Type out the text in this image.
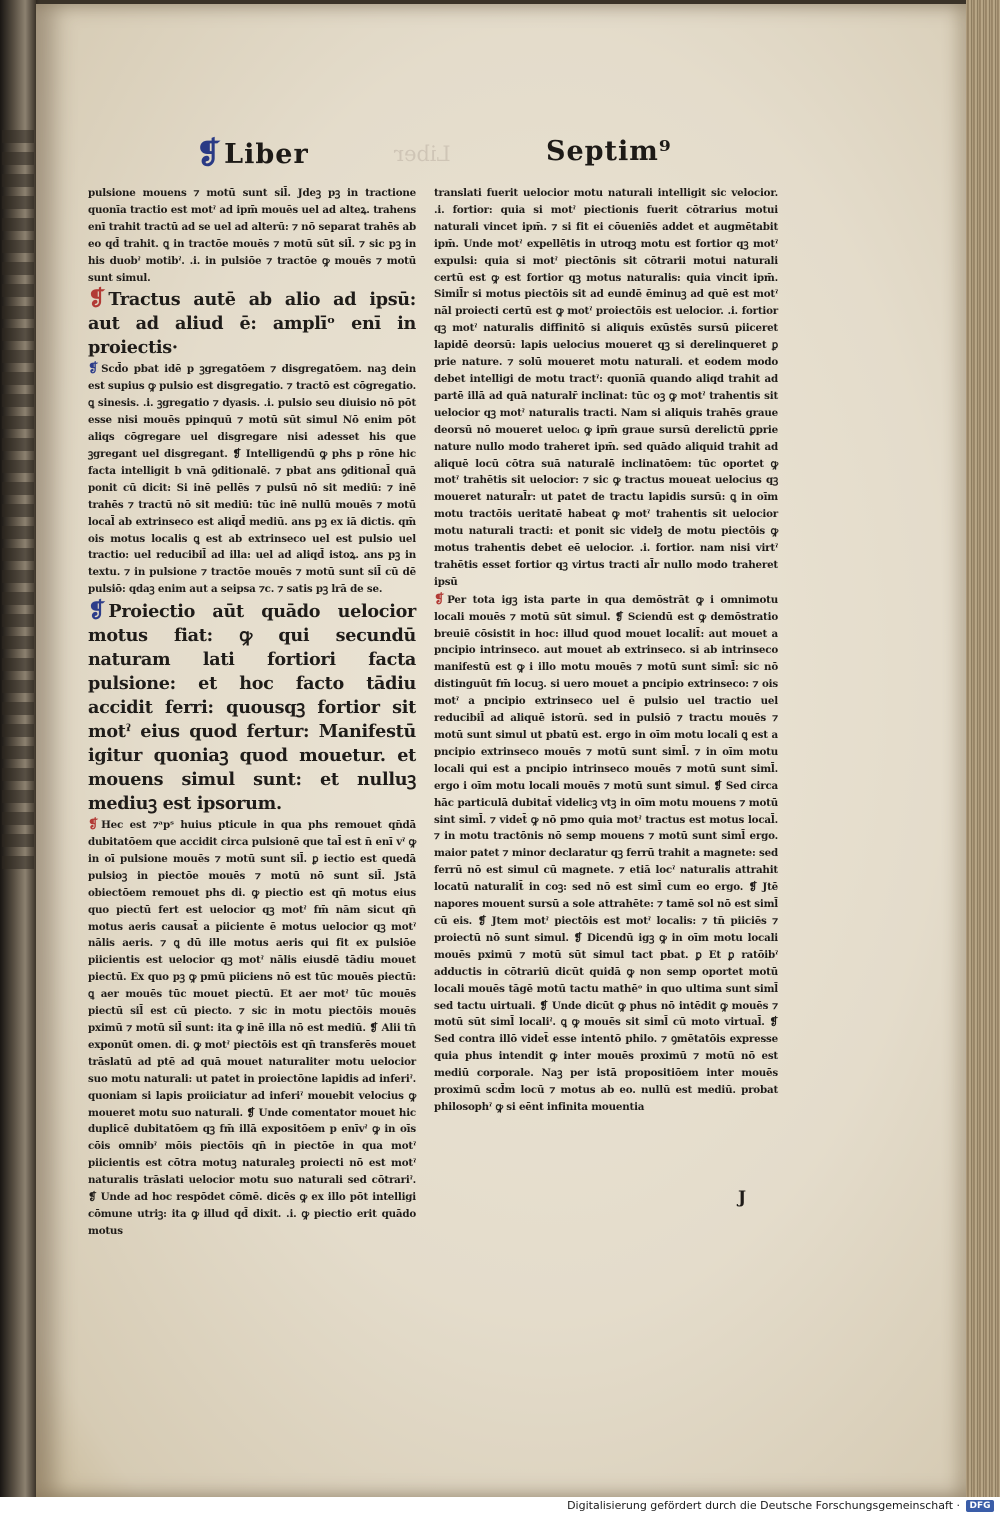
❡Liber	Liber	Septim⁹

pulsione mouens ⁊ motū sunt sil̄. Jdeꝫ pꝫ in tractione quonīa tractio est motˀ ad ipm̄ mouēs uel ad alteꝝ. trahens enī trahit tractū ad se uel ad alterū: ⁊ nō separat trahēs ab eo qd̄ trahit. ꝗ in tractōe mouēs ⁊ motū sūt sil̄. ⁊ sic pꝫ in his duobˀ motibˀ. .i. in pulsiōe ⁊ tractōe ꝙ mouēs ⁊ motū sunt simul.

❡ Tractus autē ab alio ad ipsū: aut ad aliud ē: amplīᵒ enī in proiectis·

❡ Scd̄o pbat idē p ꝫgregatōem ⁊ disgregatōem. naꝫ dein est supius ꝙ pulsio est disgregatio. ⁊ tractō est cōgregatio. ꝗ sinesis. .i. ꝫgregatio ⁊ dyasis. .i. pulsio seu diuisio nō pōt esse nisi mouēs ppinquū ⁊ motū sūt simul Nō enim pōt aliqs cōgregare uel disgregare nisi adesset his que ꝫgregant uel disgregant. ❡ Intelligendū ꝙ phs p rōne hic facta intelligit b vnā ꝯditionalē. ⁊ pbat ans ꝯditional̄ quā ponit cū dicit: Si inē pellēs ⁊ pulsū nō sit mediū: ⁊ inē trahēs ⁊ tractū nō sit mediū: tūc inē nullū mouēs ⁊ motū local̄ ab extrinseco est aliqd̄ mediū. ans pꝫ ex iā dictis. qm̄ ois motus localis ꝗ est ab extrinseco uel est pulsio uel tractio: uel reducibil̄ ad illa: uel ad aliqd̄ istoꝝ. ans pꝫ in textu. ⁊ in pulsione ⁊ tractōe mouēs ⁊ motū sunt sil̄ cū dē pulsiō: qdaꝫ enim aut a seipsa ⁊c. ⁊ satis pꝫ lrā de se.

❡ Proiectio aūt quādo uelocior motus fiat: ꝙ qui secundū naturam lati fortiori facta pulsione: et hoc facto tādiu accidit ferri: quousqꝫ fortior sit motˀ eius quod fertur: Manifestū igitur quoniaꝫ quod mouetur. et mouens simul sunt: et nulluꝫ mediuꝫ est ipsorum.

❡ Hec est ⁊ᵃpˢ huius pticule in qua phs remouet qn̄dā dubitatōem que accidit circa pulsionē que tal̄ est n̄ enī vˀ ꝙ in oī pulsione mouēs ⁊ motū sunt sil̄. ꝑ iectio est quedā pulsioꝫ in piectōe mouēs ⁊ motū nō sunt sil̄. Jstā obiectōem remouet phs di. ꝙ piectio est qn̄ motus eius quo piectū fert est uelocior qꝫ motˀ fm̄ nām sicut qn̄ motus aeris causat̄ a piiciente ē motus uelocior qꝫ motˀ nālis aeris. ⁊ ꝗ dū ille motus aeris qui fit ex pulsiōe piicientis est uelocior qꝫ motˀ nālis eiusdē tādiu mouet piectū. Ex quo pꝫ ꝙ pmū piiciens nō est tūc mouēs piectū: ꝗ aer mouēs tūc mouet piectū. Et aer motˀ tūc mouēs piectū sil̄ est cū piecto. ⁊ sic in motu piectōis mouēs pximū ⁊ motū sil̄ sunt: ita ꝙ inē illa nō est mediū. ❡ Alii tn̄ exponūt omen. di. ꝙ motˀ piectōis est qn̄ transferēs mouet trāslatū ad ptē ad quā mouet naturaliter motu uelocior suo motu naturali: ut patet in proiectōne lapidis ad inferiˀ. quoniam si lapis proiiciatur ad inferiˀ mouebit velocius ꝙ moueret motu suo naturali. ❡ Unde comentator mouet hic duplicē dubitatōem qꝫ fm̄ illā expositōem p enīvˀ ꝙ in oīs cōis omnibˀ mōis piectōis qn̄ in piectōe in qua motˀ piicientis est cōtra motuꝫ naturaleꝫ proiecti nō est motˀ naturalis trāslati uelocior motu suo naturali sed cōtrariˀ. ❡ Unde ad hoc respōdet cōmē. dicēs ꝙ ex illo pōt intelligi cōmune utriꝫ: ita ꝙ illud qd̄ dixit. .i. ꝙ piectio erit quādo motus

translati fuerit uelocior motu naturali intelligit sic velocior. .i. fortior: quia si motˀ piectionis fuerit cōtrarius motui naturali vincet ipm̄. ⁊ si fit ei cōueniēs addet et augmētabit ipm̄. Unde motˀ expellētis in utroqꝫ motu est fortior qꝫ motˀ expulsi: quia si motˀ piectōnis sit cōtrarii motui naturali certū est ꝙ est fortior qꝫ motus naturalis: quia vincit ipm̄. Simil̄r si motus piectōis sit ad eundē ēminuꝫ ad quē est motˀ nāl proiecti certū est ꝙ motˀ proiectōis est uelocior. .i. fortior qꝫ motˀ naturalis diffinitō si aliquis exūstēs sursū piiceret lapidē deorsū: lapis uelocius moueret qꝫ si derelinqueret ꝑ prie nature. ⁊ solū moueret motu naturali. et eodem modo debet intelligi de motu tractˀ: quonīā quando aliqd trahit ad partē illā ad quā naturalr̄ inclinat: tūc oꝫ ꝙ motˀ trahentis sit uelocior qꝫ motˀ naturalis tracti. Nam si aliquis trahēs graue deorsū nō moueret uelocᵢ ꝙ ipm̄ graue sursū derelictū ꝑprie nature nullo modo traheret ipm̄. sed quādo aliquid trahit ad aliquē locū cōtra suā naturalē inclinatōem: tūc oportet ꝙ motˀ trahētis sit uelocior: ⁊ sic ꝙ tractus moueat uelocius qꝫ moueret natural̄r: ut patet de tractu lapidis sursū: ꝗ in oīm motu tractōis ueritatē habeat ꝙ motˀ trahentis sit uelocior motu naturali tracti: et ponit sic videlꝫ de motu piectōis ꝙ motus trahentis debet eē uelocior. .i. fortior. nam nisi virtˀ trahētis esset fortior qꝫ virtus tracti al̄r nullo modo traheret ipsū

❡ Per tota igꝫ ista parte in qua demōstrāt ꝙ i omnimotu locali mouēs ⁊ motū sūt simul. ❡ Sciendū est ꝙ demōstratio breuiē cōsistit in hoc: illud quod mouet localit̄: aut mouet a pncipio intrinseco. aut mouet ab extrinseco. si ab intrinseco manifestū est ꝙ i illo motu mouēs ⁊ motū sunt siml̄: sic nō distinguūt fm̄ locuꝫ. si uero mouet a pncipio extrinseco: ⁊ ois motˀ a pncipio extrinseco uel ē pulsio uel tractio uel reducibil̄ ad aliquē istorū. sed in pulsiō ⁊ tractu mouēs ⁊ motū sunt simul ut pbatū est. ergo in oīm motu locali ꝗ est a pncipio extrinseco mouēs ⁊ motū sunt siml̄. ⁊ in oīm motu locali qui est a pncipio intrinseco mouēs ⁊ motū sunt siml̄. ergo i oīm motu locali mouēs ⁊ motū sunt simul. ❡ Sed circa hāc particulā dubitat̄ videlicꝫ vtꝫ in oīm motu mouens ⁊ motū sint siml̄. ⁊ videt̄ ꝙ nō pmo quia motˀ tractus est motus local̄. ⁊ in motu tractōnis nō semp mouens ⁊ motū sunt siml̄ ergo. maior patet ⁊ minor declaratur qꝫ ferrū trahit a magnete: sed ferrū nō est simul cū magnete. ⁊ etiā locˀ naturalis attrahit locatū naturalit̄ in coꝫ: sed nō est siml̄ cum eo ergo. ❡ Jtē napores mouent sursū a sole attrahēte: ⁊ tamē sol nō est siml̄ cū eis. ❡ Jtem motˀ piectōis est motˀ localis: ⁊ tn̄ piiciēs ⁊ proiectū nō sunt simul. ❡ Dicendū igꝫ ꝙ in oīm motu locali mouēs pximū ⁊ motū sūt simul tact pbat. ꝑ Et ꝑ ratōibˀ adductis in cōtrariū dicūt quidā ꝙ non semp oportet motū locali mouēs tāgē motū tactu mathēᵒ in quo ultima sunt siml̄ sed tactu uirtuali. ❡ Unde dicūt ꝙ phus nō intēdit ꝙ mouēs ⁊ motū sūt siml̄ localiˀ. ꝗ ꝙ mouēs sit siml̄ cū moto virtual̄. ❡ Sed contra illō videt̄ esse intentō philo. ⁊ ꝯmētatōis expresse quia phus intendit ꝙ inter mouēs proximū ⁊ motū nō est mediū corporale. Naꝫ per istā propositiōem inter mouēs proximū scd̄m locū ⁊ motus ab eo. nullū est mediū. probat philosophˀ ꝙ si eēnt infinita mouentia

J
Digitalisierung gefördert durch die Deutsche Forschungsgemeinschaft ·	DFG
